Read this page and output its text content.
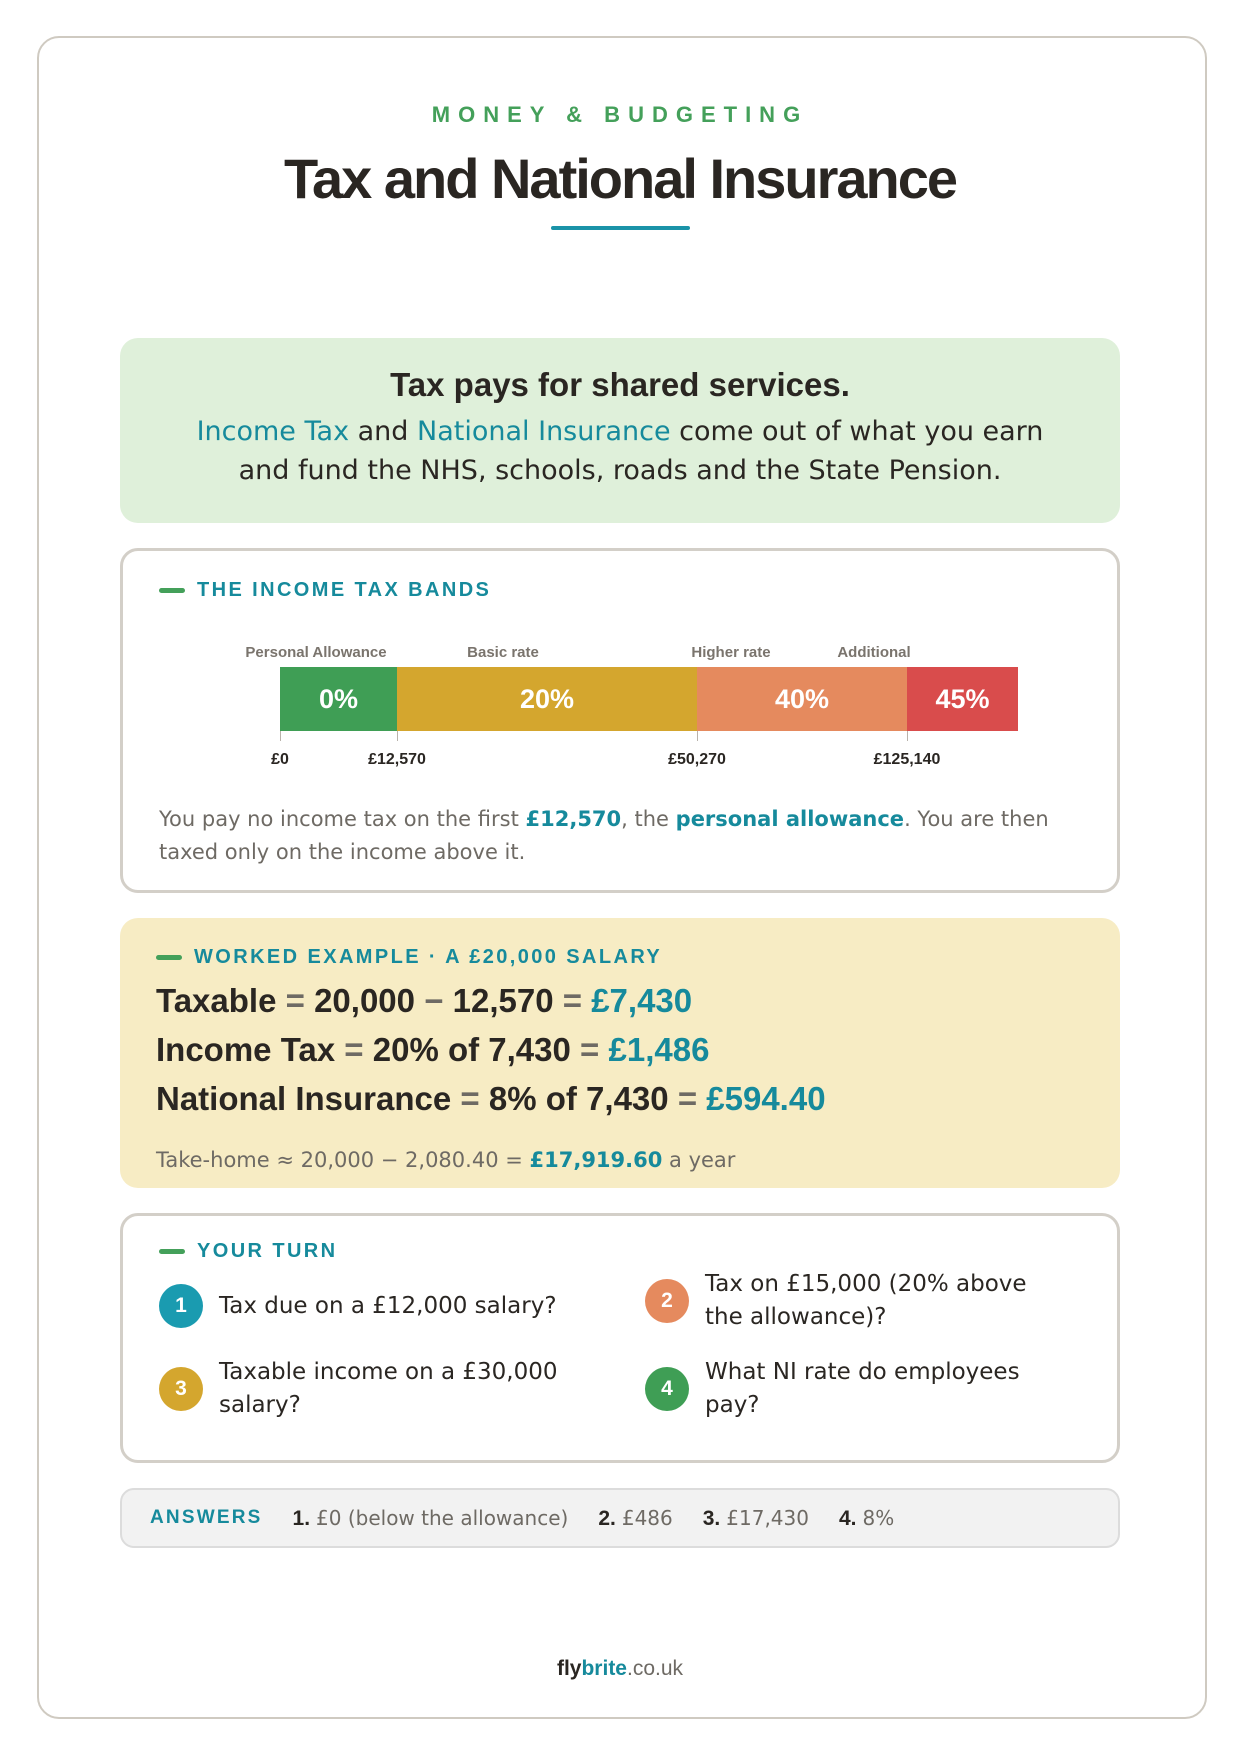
MONEY & BUDGETING
Tax and National Insurance
Tax pays for shared services.
Income Tax and National Insurance come out of what you earn
and fund the NHS, schools, roads and the State Pension.
THE INCOME TAX BANDS
Personal Allowance	Basic rate	Higher rate	Additional
0%	20%	40%	45%
£0	£12,570	£50,270	£125,140
You pay no income tax on the first £12,570, the personal allowance. You are then taxed only on the income above it.
WORKED EXAMPLE · A £20,000 SALARY
Taxable = 20,000 − 12,570 = £7,430
Income Tax = 20% of 7,430 = £1,486
National Insurance = 8% of 7,430 = £594.40
Take-home ≈ 20,000 − 2,080.40 = £17,919.60 a year
YOUR TURN
1	Tax due on a £12,000 salary?	2
Tax on £15,000 (20% above the allowance)?
3
Taxable income on a £30,000 salary?
4
What NI rate do employees pay?
ANSWERS 1. £0 (below the allowance) 2. £486 3. £17,430 4. 8%
flybrite.co.uk
